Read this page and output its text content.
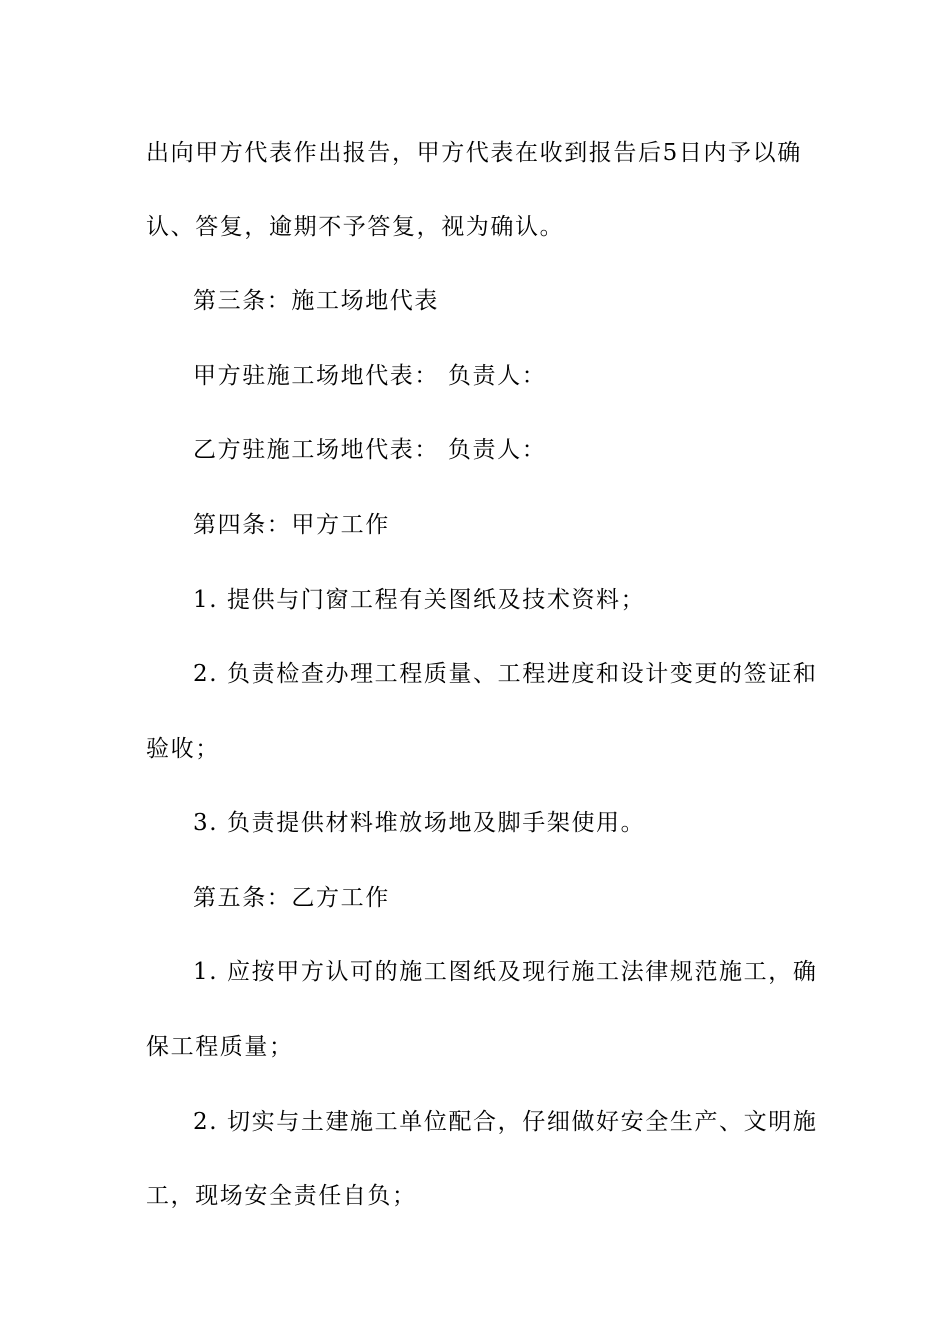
出向甲方代表作出报告，甲方代表在收到报告后5日内予以确
认、答复，逾期不予答复，视为确认。
第三条：施工场地代表
甲方驻施工场地代表： 负责人：
乙方驻施工场地代表： 负责人：
第四条：甲方工作
1. 提供与门窗工程有关图纸及技术资料；
2. 负责检查办理工程质量、工程进度和设计变更的签证和
验收；
3. 负责提供材料堆放场地及脚手架使用。
第五条：乙方工作
1. 应按甲方认可的施工图纸及现行施工法律规范施工，确
保工程质量；
2. 切实与土建施工单位配合，仔细做好安全生产、文明施
工，现场安全责任自负；
